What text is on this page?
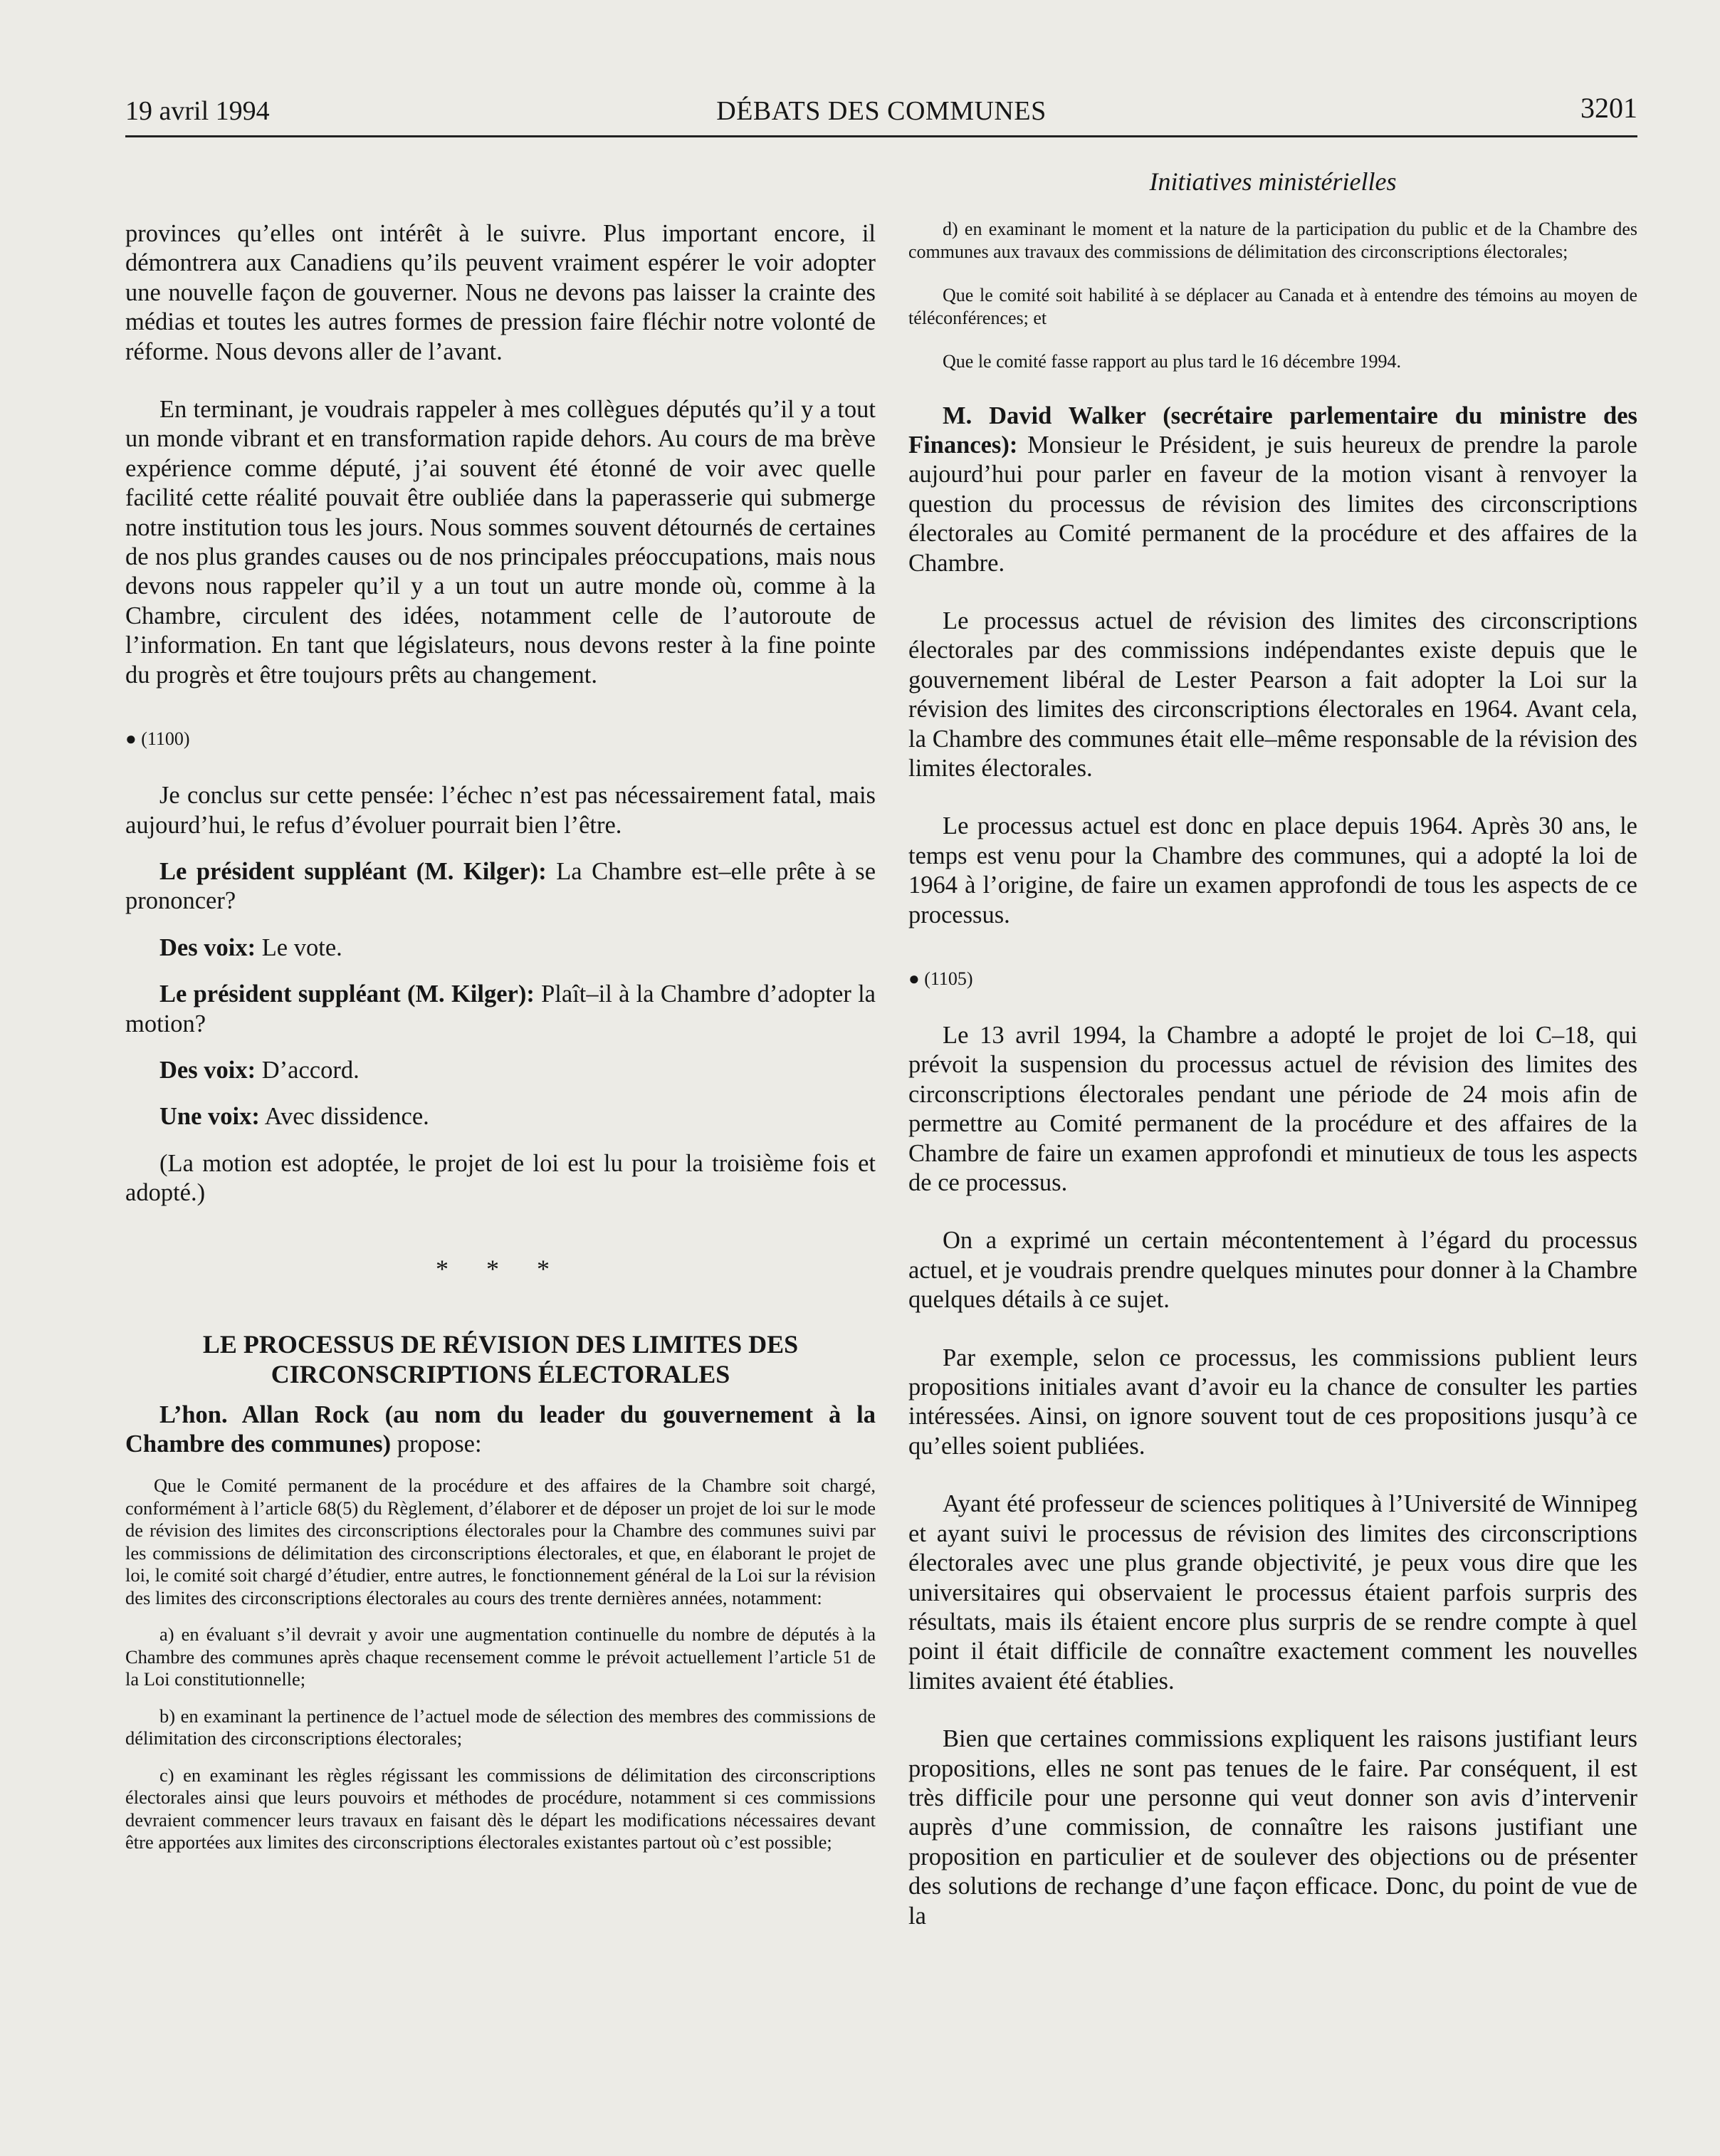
19 avril 1994	DÉBATS DES COMMUNES	3201
Initiatives ministérielles

provinces qu’elles ont intérêt à le suivre. Plus important encore, il démontrera aux Canadiens qu’ils peuvent vraiment espérer le voir adopter une nouvelle façon de gouverner. Nous ne devons pas laisser la crainte des médias et toutes les autres formes de pression faire fléchir notre volonté de réforme. Nous devons aller de l’avant.

En terminant, je voudrais rappeler à mes collègues députés qu’il y a tout un monde vibrant et en transformation rapide dehors. Au cours de ma brève expérience comme député, j’ai souvent été étonné de voir avec quelle facilité cette réalité pouvait être oubliée dans la paperasserie qui submerge notre institution tous les jours. Nous sommes souvent détournés de certaines de nos plus grandes causes ou de nos principales préoccupations, mais nous devons nous rappeler qu’il y a un tout un autre monde où, comme à la Chambre, circulent des idées, notamment celle de l’autoroute de l’information. En tant que législateurs, nous devons rester à la fine pointe du progrès et être toujours prêts au changement.

● (1100)

Je conclus sur cette pensée: l’échec n’est pas nécessairement fatal, mais aujourd’hui, le refus d’évoluer pourrait bien l’être.

Le président suppléant (M. Kilger): La Chambre est–elle prête à se prononcer?

Des voix: Le vote.

Le président suppléant (M. Kilger): Plaît–il à la Chambre d’adopter la motion?

Des voix: D’accord.

Une voix: Avec dissidence.

(La motion est adoptée, le projet de loi est lu pour la troisième fois et adopté.)

* * *
LE PROCESSUS DE RÉVISION DES LIMITES DES
CIRCONSCRIPTIONS ÉLECTORALES

L’hon. Allan Rock (au nom du leader du gouvernement à la Chambre des communes) propose:

Que le Comité permanent de la procédure et des affaires de la Chambre soit chargé, conformément à l’article 68(5) du Règlement, d’élaborer et de déposer un projet de loi sur le mode de révision des limites des circonscriptions électorales pour la Chambre des communes suivi par les commissions de délimitation des circonscriptions électorales, et que, en élaborant le projet de loi, le comité soit chargé d’étudier, entre autres, le fonctionnement général de la Loi sur la révision des limites des circonscriptions électorales au cours des trente dernières années, notamment:

a) en évaluant s’il devrait y avoir une augmentation continuelle du nombre de députés à la Chambre des communes après chaque recensement comme le prévoit actuellement l’article 51 de la Loi constitutionnelle;

b) en examinant la pertinence de l’actuel mode de sélection des membres des commissions de délimitation des circonscriptions électorales;

c) en examinant les règles régissant les commissions de délimitation des circonscriptions électorales ainsi que leurs pouvoirs et méthodes de procédure, notamment si ces commissions devraient commencer leurs travaux en faisant dès le départ les modifications nécessaires devant être apportées aux limites des circonscriptions électorales existantes partout où c’est possible;

d) en examinant le moment et la nature de la participation du public et de la Chambre des communes aux travaux des commissions de délimitation des circonscriptions électorales;

Que le comité soit habilité à se déplacer au Canada et à entendre des témoins au moyen de téléconférences; et

Que le comité fasse rapport au plus tard le 16 décembre 1994.

M. David Walker (secrétaire parlementaire du ministre des Finances): Monsieur le Président, je suis heureux de prendre la parole aujourd’hui pour parler en faveur de la motion visant à renvoyer la question du processus de révision des limites des circonscriptions électorales au Comité permanent de la procédure et des affaires de la Chambre.

Le processus actuel de révision des limites des circonscriptions électorales par des commissions indépendantes existe depuis que le gouvernement libéral de Lester Pearson a fait adopter la Loi sur la révision des limites des circonscriptions électorales en 1964. Avant cela, la Chambre des communes était elle–même responsable de la révision des limites électorales.

Le processus actuel est donc en place depuis 1964. Après 30 ans, le temps est venu pour la Chambre des communes, qui a adopté la loi de 1964 à l’origine, de faire un examen approfondi de tous les aspects de ce processus.

● (1105)

Le 13 avril 1994, la Chambre a adopté le projet de loi C–18, qui prévoit la suspension du processus actuel de révision des limites des circonscriptions électorales pendant une période de 24 mois afin de permettre au Comité permanent de la procédure et des affaires de la Chambre de faire un examen approfondi et minutieux de tous les aspects de ce processus.

On a exprimé un certain mécontentement à l’égard du processus actuel, et je voudrais prendre quelques minutes pour donner à la Chambre quelques détails à ce sujet.

Par exemple, selon ce processus, les commissions publient leurs propositions initiales avant d’avoir eu la chance de consulter les parties intéressées. Ainsi, on ignore souvent tout de ces propositions jusqu’à ce qu’elles soient publiées.

Ayant été professeur de sciences politiques à l’Université de Winnipeg et ayant suivi le processus de révision des limites des circonscriptions électorales avec une plus grande objectivité, je peux vous dire que les universitaires qui observaient le processus étaient parfois surpris des résultats, mais ils étaient encore plus surpris de se rendre compte à quel point il était difficile de connaître exactement comment les nouvelles limites avaient été établies.

Bien que certaines commissions expliquent les raisons justifiant leurs propositions, elles ne sont pas tenues de le faire. Par conséquent, il est très difficile pour une personne qui veut donner son avis d’intervenir auprès d’une commission, de connaître les raisons justifiant une proposition en particulier et de soulever des objections ou de présenter des solutions de rechange d’une façon efficace. Donc, du point de vue de la
